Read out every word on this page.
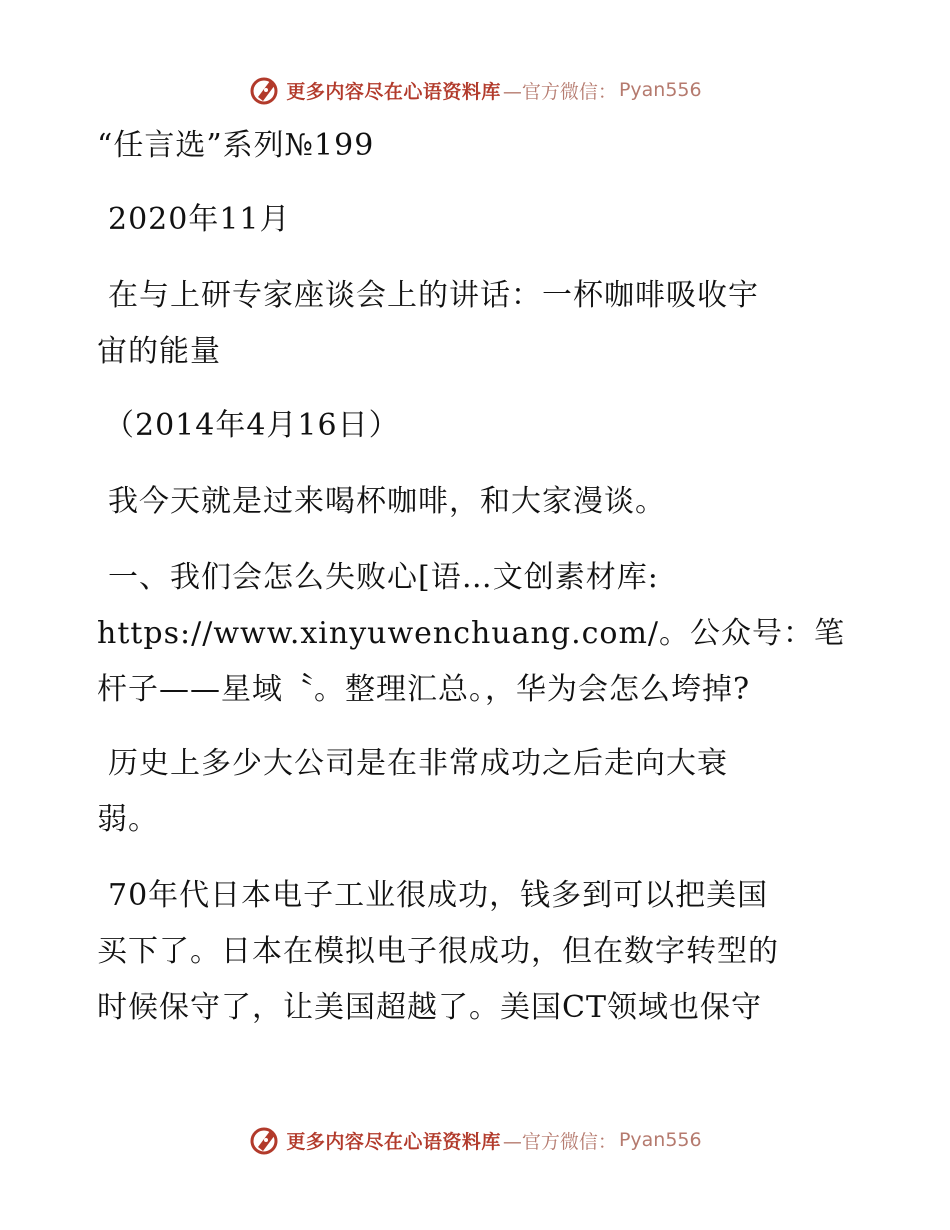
更多内容尽在心语资料库 —官方微信： Pyan556
“任言选”系列№199
2020年11月
在与上研专家座谈会上的讲话：一杯咖啡吸收宇
宙的能量
（2014年4月16日）
我今天就是过来喝杯咖啡，和大家漫谈。
一、我们会怎么失败心[语…文创素材库:
https://www.xinyuwenchuang.com/。公众号：笔
杆子——星域〝。整理汇总。，华为会怎么垮掉?
历史上多少大公司是在非常成功之后走向大衰
弱。
70年代日本电子工业很成功，钱多到可以把美国
买下了。日本在模拟电子很成功，但在数字转型的
时候保守了，让美国超越了。美国CT领域也保守
更多内容尽在心语资料库 —官方微信： Pyan556
